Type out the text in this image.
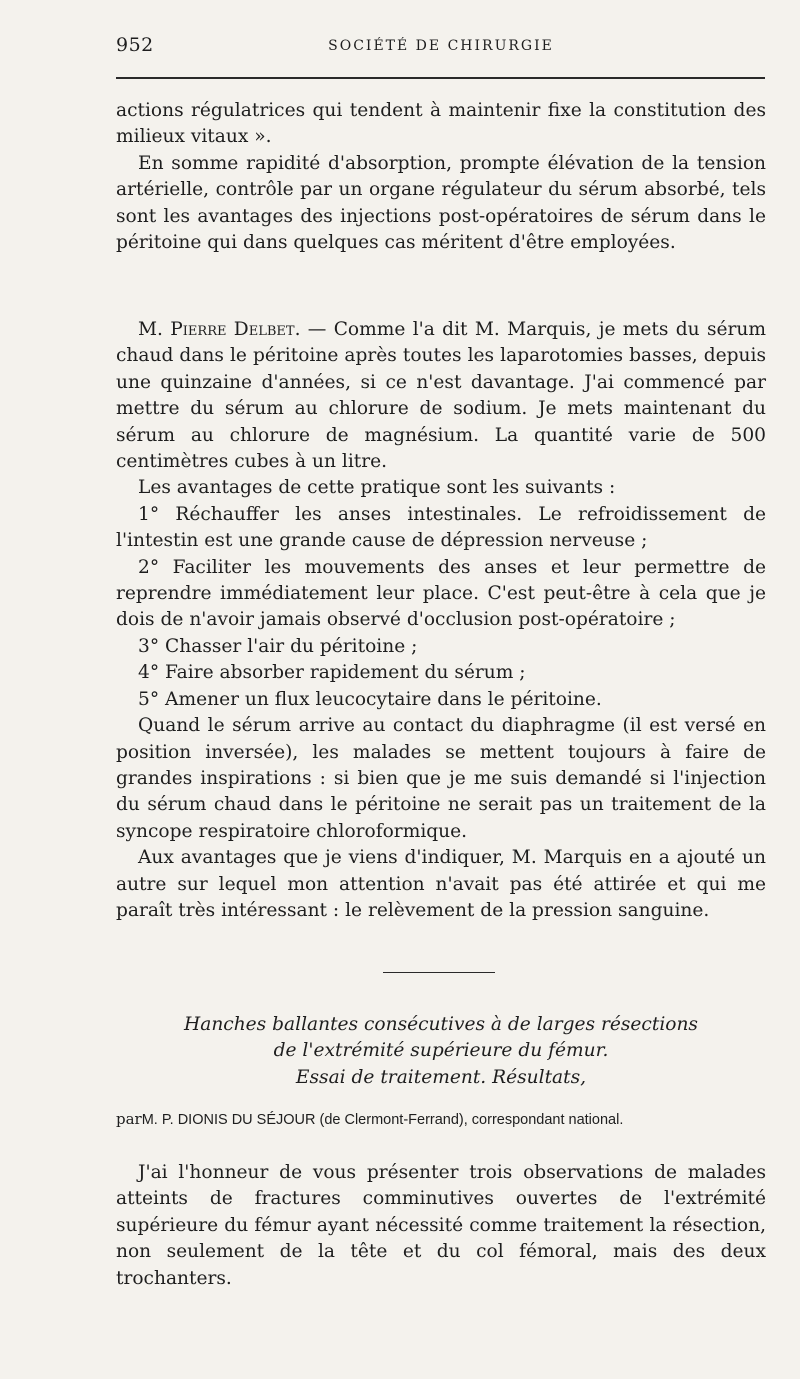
952	SOCIÉTÉ DE CHIRURGIE

actions régulatrices qui tendent à maintenir fixe la constitution des milieux vitaux ».

En somme rapidité d'absorption, prompte élévation de la tension artérielle, contrôle par un organe régulateur du sérum absorbé, tels sont les avantages des injections post-opératoires de sérum dans le péritoine qui dans quelques cas méritent d'être employées.

M. Pierre Delbet. — Comme l'a dit M. Marquis, je mets du sérum chaud dans le péritoine après toutes les laparotomies basses, depuis une quinzaine d'années, si ce n'est davantage. J'ai commencé par mettre du sérum au chlorure de sodium. Je mets maintenant du sérum au chlorure de magnésium. La quantité varie de 500 centimètres cubes à un litre.

Les avantages de cette pratique sont les suivants :

1° Réchauffer les anses intestinales. Le refroidissement de l'intestin est une grande cause de dépression nerveuse ;

2° Faciliter les mouvements des anses et leur permettre de reprendre immédiatement leur place. C'est peut-être à cela que je dois de n'avoir jamais observé d'occlusion post-opératoire ;

3° Chasser l'air du péritoine ;

4° Faire absorber rapidement du sérum ;

5° Amener un flux leucocytaire dans le péritoine.

Quand le sérum arrive au contact du diaphragme (il est versé en position inversée), les malades se mettent toujours à faire de grandes inspirations : si bien que je me suis demandé si l'injection du sérum chaud dans le péritoine ne serait pas un traitement de la syncope respiratoire chloroformique.

Aux avantages que je viens d'indiquer, M. Marquis en a ajouté un autre sur lequel mon attention n'avait pas été attirée et qui me paraît très intéressant : le relèvement de la pression sanguine.

Hanches ballantes consécutives à de larges résections
de l'extrémité supérieure du fémur.
Essai de traitement. Résultats,
parM. P. DIONIS DU SÉJOUR (de Clermont-Ferrand), correspondant national.

J'ai l'honneur de vous présenter trois observations de malades atteints de fractures comminutives ouvertes de l'extrémité supérieure du fémur ayant nécessité comme traitement la résection, non seulement de la tête et du col fémoral, mais des deux trochanters.
